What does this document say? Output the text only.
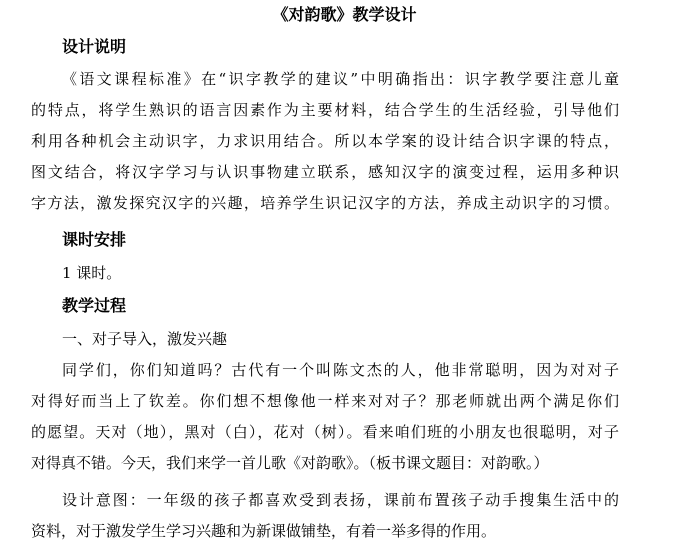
《对韵歌》教学设计
设计说明
《语文课程标准》在“识字教学的建议”中明确指出：识字教学要注意儿童
的特点，将学生熟识的语言因素作为主要材料，结合学生的生活经验，引导他们
利用各种机会主动识字，力求识用结合。所以本学案的设计结合识字课的特点，
图文结合，将汉字学习与认识事物建立联系，感知汉字的演变过程，运用多种识
字方法，激发探究汉字的兴趣，培养学生识记汉字的方法，养成主动识字的习惯。
课时安排
1 课时。
教学过程
一、对子导入，激发兴趣
同学们，你们知道吗？古代有一个叫陈文杰的人，他非常聪明，因为对对子
对得好而当上了钦差。你们想不想像他一样来对对子？那老师就出两个满足你们
的愿望。天对（地），黑对（白），花对（树）。看来咱们班的小朋友也很聪明，对子
对得真不错。今天，我们来学一首儿歌《对韵歌》。（板书课文题目：对韵歌。）
设计意图：一年级的孩子都喜欢受到表扬，课前布置孩子动手搜集生活中的
资料，对于激发学生学习兴趣和为新课做铺垫，有着一举多得的作用。
